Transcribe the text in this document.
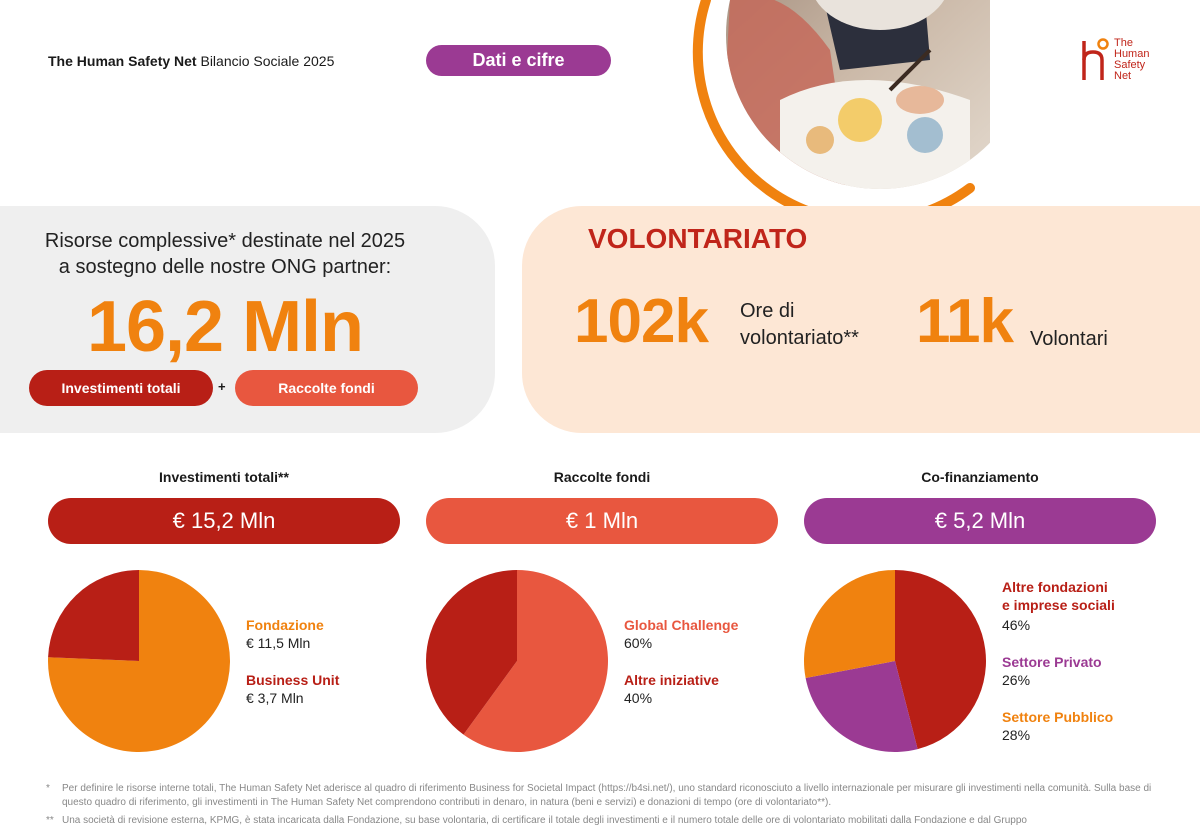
The Human Safety Net Bilancio Sociale 2025	Dati e cifre
The
Human
Safety
Net
Risorse complessive* destinate nel 2025
a sostegno delle nostre ONG partner:
16,2 Mln
Investimenti totali	+	Raccolte fondi
VOLONTARIATO
102k Ore di
volontariato** 11k Volontari
Investimenti totali**	Raccolte fondi	Co-finanziamento
€ 15,2 Mln	€ 1 Mln	€ 5,2 Mln
Fondazione
€ 11,5 Mln
Business Unit
€ 3,7 Mln
Global Challenge
60%
Altre iniziative
40%
Altre fondazioni
e imprese sociali
46%
Settore Privato
26%
Settore Pubblico
28%
*	Per definire le risorse interne totali, The Human Safety Net aderisce al quadro di riferimento Business for Societal Impact (https://b4si.net/), uno standard riconosciuto a livello internazionale per misurare gli investimenti nella comunità. Sulla base di questo quadro di riferimento, gli investimenti in The Human Safety Net comprendono contributi in denaro, in natura (beni e servizi) e donazioni di tempo (ore di volontariato**).
** Una società di revisione esterna, KPMG, è stata incaricata dalla Fondazione, su base volontaria, di certificare il totale degli investimenti e il numero totale delle ore di volontariato mobilitati dalla Fondazione e dal Gruppo
